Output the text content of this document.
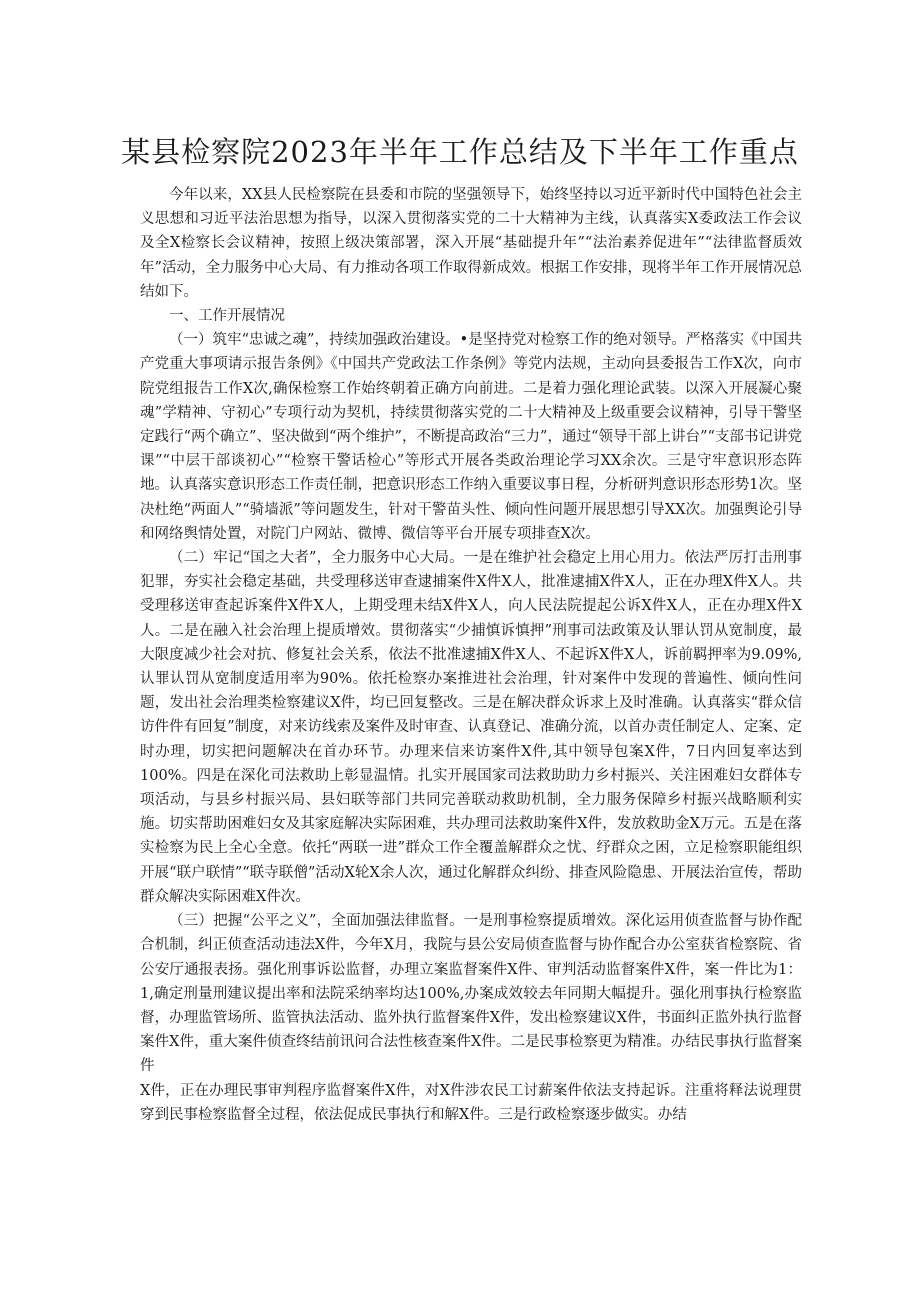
某县检察院2023年半年工作总结及下半年工作重点

今年以来，XX县人民检察院在县委和市院的坚强领导下，始终坚持以习近平新时代中国特色社会主义思想和习近平法治思想为指导，以深入贯彻落实党的二十大精神为主线，认真落实X委政法工作会议及全X检察长会议精神，按照上级决策部署，深入开展“基础提升年”“法治素养促进年”“法律监督质效年”活动，全力服务中心大局、有力推动各项工作取得新成效。根据工作安排，现将半年工作开展情况总结如下。

一、工作开展情况

（一）筑牢“忠诚之魂”，持续加强政治建设。•是坚持党对检察工作的绝对领导。严格落实《中国共产党重大事项请示报告条例》《中国共产党政法工作条例》等党内法规，主动向县委报告工作X次，向市院党组报告工作X次,确保检察工作始终朝着正确方向前进。二是着力强化理论武装。以深入开展凝心聚魂”学精神、守初心”专项行动为契机，持续贯彻落实党的二十大精神及上级重要会议精神，引导干警坚定践行“两个确立”、坚决做到“两个维护”，不断提高政治“三力”，通过“领导干部上讲台”“支部书记讲党课”“中层干部谈初心”“检察干警话检心”等形式开展各类政治理论学习XX余次。三是守牢意识形态阵地。认真落实意识形态工作责任制，把意识形态工作纳入重要议事日程，分析研判意识形态形势1次。坚决杜绝“两面人”“骑墙派”等问题发生，针对干警苗头性、倾向性问题开展思想引导XX次。加强舆论引导和网络舆情处置，对院门户网站、微博、微信等平台开展专项排查X次。

（二）牢记“国之大者”，全力服务中心大局。一是在维护社会稳定上用心用力。依法严厉打击刑事犯罪，夯实社会稳定基础，共受理移送审查逮捕案件X件X人，批准逮捕X件X人，正在办理X件X人。共受理移送审查起诉案件X件X人，上期受理未结X件X人，向人民法院提起公诉X件X人，正在办理X件X人。二是在融入社会治理上提质增效。贯彻落实“少捕慎诉慎押”刑事司法政策及认罪认罚从宽制度，最大限度减少社会对抗、修复社会关系，依法不批准逮捕X件X人、不起诉X件X人，诉前羁押率为9.09%,认罪认罚从宽制度适用率为90%。依托检察办案推进社会治理，针对案件中发现的普遍性、倾向性问题，发出社会治理类检察建议X件，均已回复整改。三是在解决群众诉求上及时准确。认真落实“群众信访件件有回复”制度，对来访线索及案件及时审查、认真登记、准确分流，以首办责任制定人、定案、定时办理，切实把问题解决在首办环节。办理来信来访案件X件,其中领导包案X件，7日内回复率达到100%。四是在深化司法救助上彰显温情。扎实开展国家司法救助助力乡村振兴、关注困难妇女群体专项活动，与县乡村振兴局、县妇联等部门共同完善联动救助机制，全力服务保障乡村振兴战略顺利实施。切实帮助困难妇女及其家庭解决实际困难，共办理司法救助案件X件，发放救助金X万元。五是在落实检察为民上全心全意。依托“两联一进”群众工作全覆盖解群众之忧、纾群众之困，立足检察职能组织开展“联户联情”“联寺联僧”活动X轮X余人次，通过化解群众纠纷、排查风险隐患、开展法治宣传，帮助群众解决实际困难X件次。

（三）把握“公平之义”，全面加强法律监督。一是刑事检察提质增效。深化运用侦查监督与协作配合机制，纠正侦查活动违法X件，今年X月，我院与县公安局侦查监督与协作配合办公室获省检察院、省公安厅通报表扬。强化刑事诉讼监督，办理立案监督案件X件、审判活动监督案件X件，案一件比为1：1,确定刑量刑建议提出率和法院采纳率均达100%,办案成效较去年同期大幅提升。强化刑事执行检察监督，办理监管场所、监管执法活动、监外执行监督案件X件，发出检察建议X件，书面纠正监外执行监督案件X件，重大案件侦查终结前讯问合法性核查案件X件。二是民事检察更为精准。办结民事执行监督案件

X件，正在办理民事审判程序监督案件X件，对X件涉农民工讨薪案件依法支持起诉。注重将释法说理贯穿到民事检察监督全过程，依法促成民事执行和解X件。三是行政检察逐步做实。办结
